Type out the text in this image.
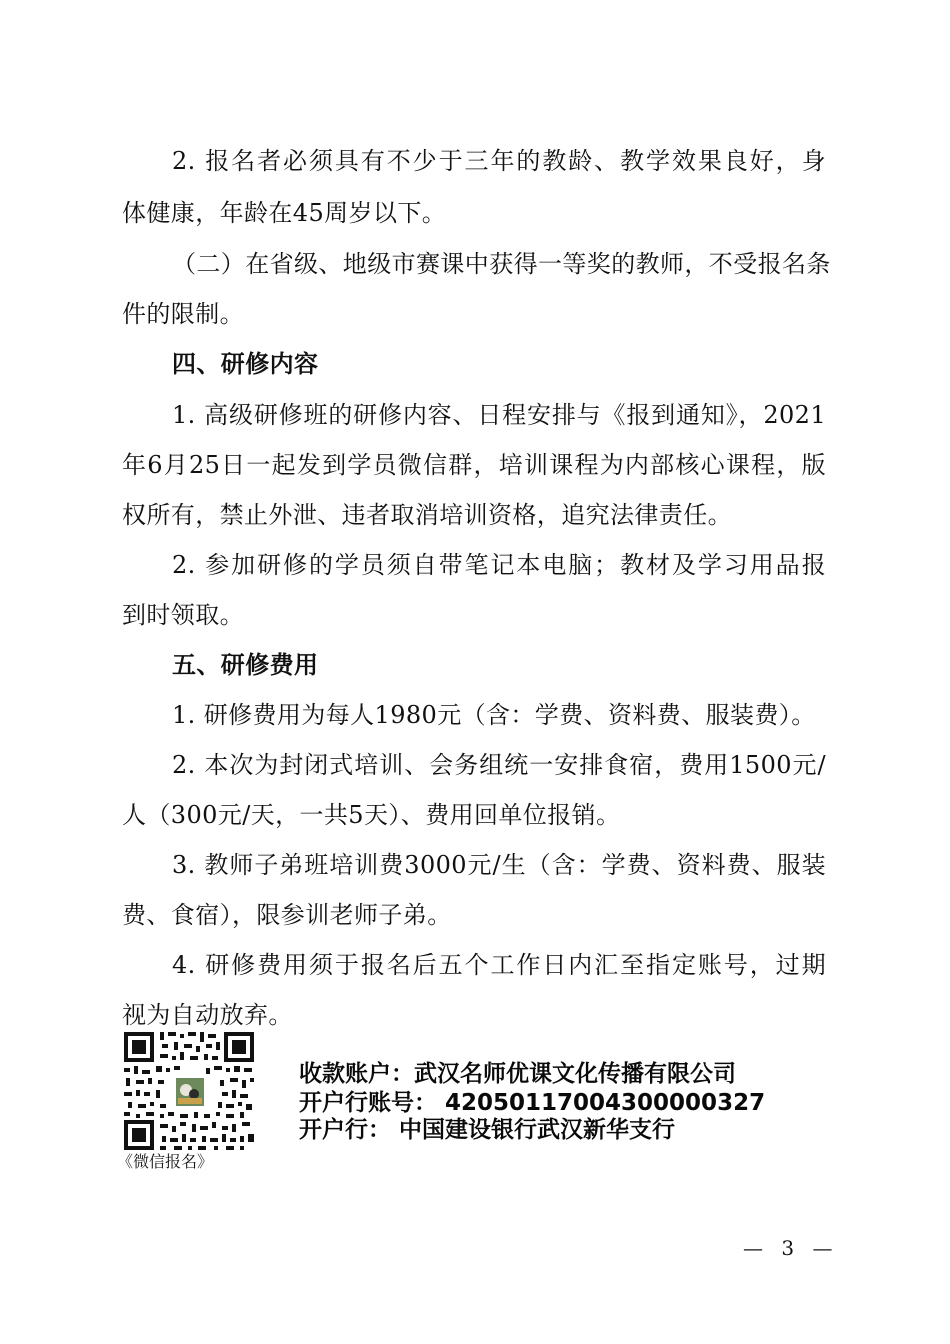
2. 报名者必须具有不少于三年的教龄、教学效果良好，身
体健康，年龄在45周岁以下。
（二）在省级、地级市赛课中获得一等奖的教师，不受报名条
件的限制。
四、研修内容
1. 高级研修班的研修内容、日程安排与《报到通知》，2021
年6月25日一起发到学员微信群，培训课程为内部核心课程，版
权所有，禁止外泄、违者取消培训资格，追究法律责任。
2. 参加研修的学员须自带笔记本电脑；教材及学习用品报
到时领取。
五、研修费用
1. 研修费用为每人1980元（含：学费、资料费、服装费）。
2. 本次为封闭式培训、会务组统一安排食宿，费用1500元/
人（300元/天，一共5天）、费用回单位报销。
3. 教师子弟班培训费3000元/生（含：学费、资料费、服装
费、食宿），限参训老师子弟。
4. 研修费用须于报名后五个工作日内汇至指定账号，过期
视为自动放弃。
《微信报名》
收款账户：武汉名师优课文化传播有限公司
开户行账号： 42050117004300000327
开户行： 中国建设银行武汉新华支行
— 3 —
